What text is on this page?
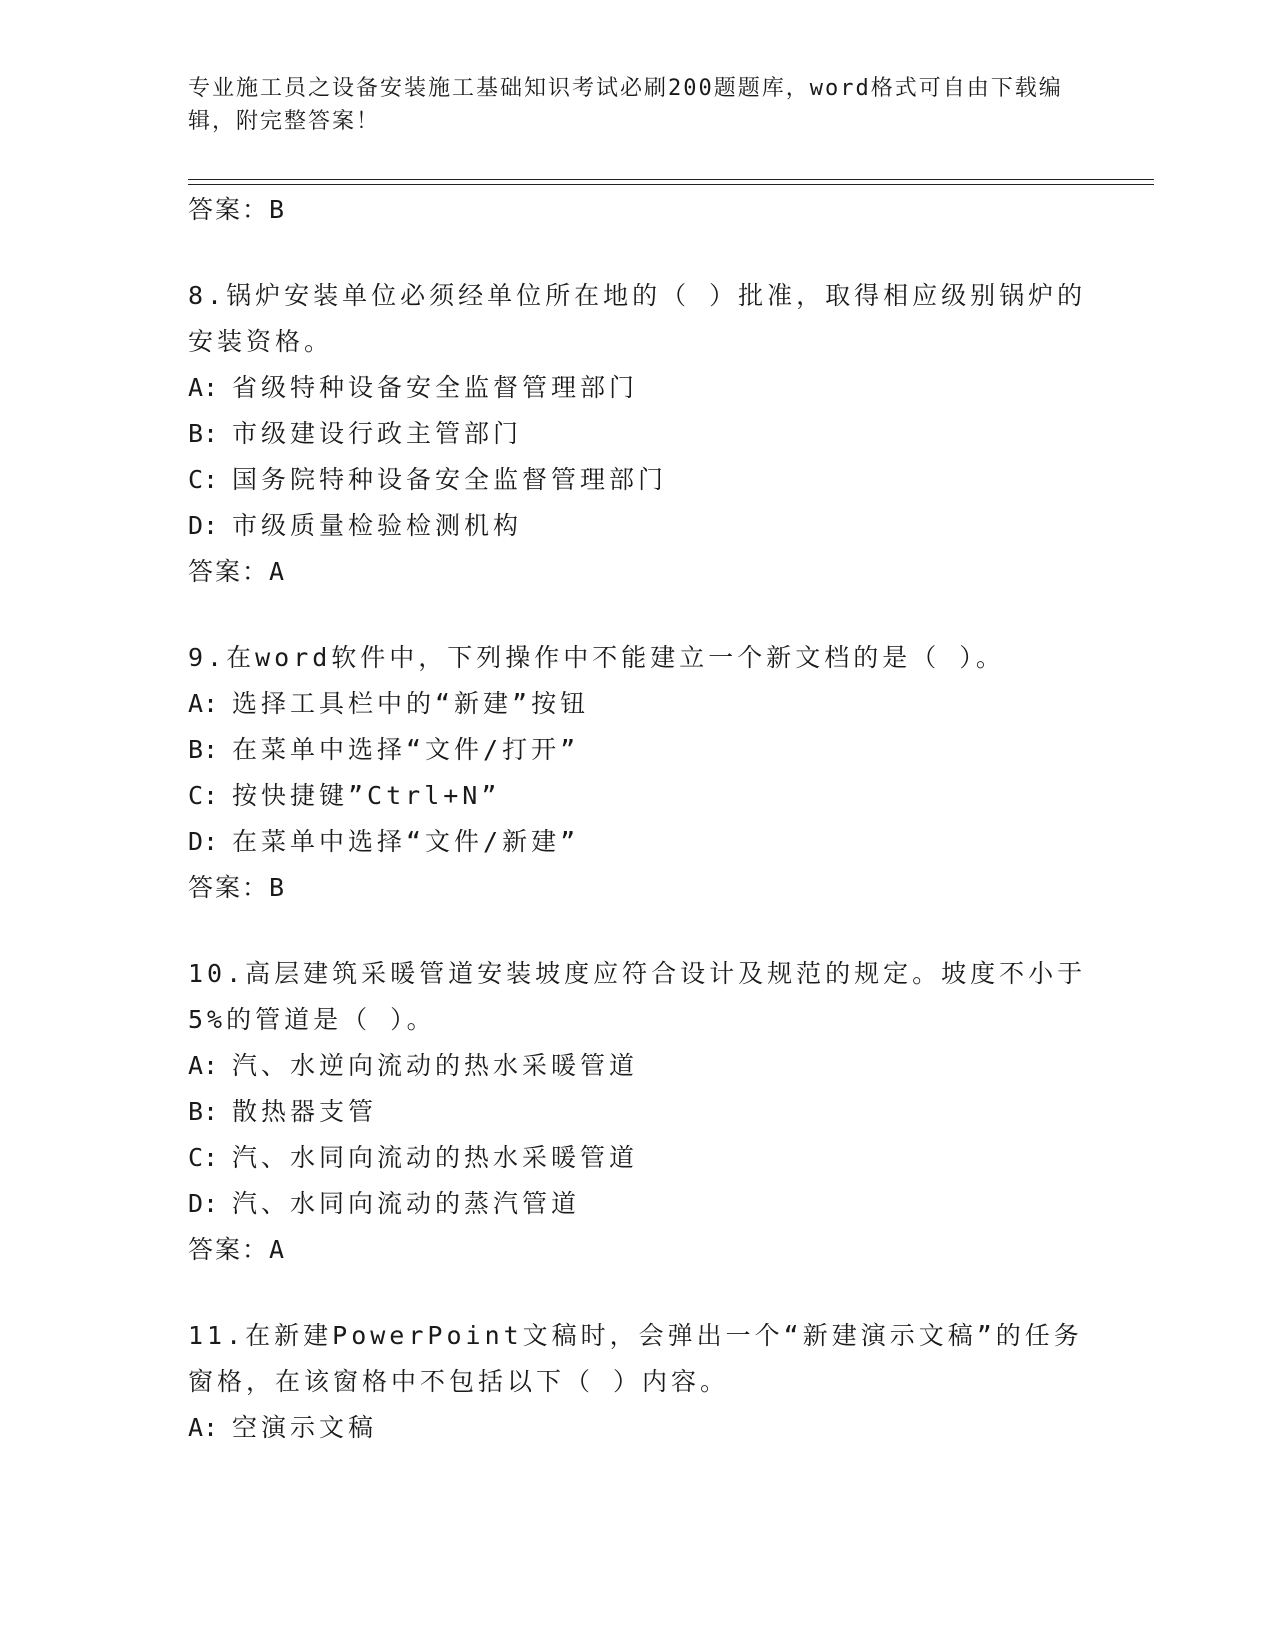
专业施工员之设备安装施工基础知识考试必刷200题题库，word格式可自由下载编辑，附完整答案！
答案：B
8.锅炉安装单位必须经单位所在地的（ ）批准，取得相应级别锅炉的安装资格。
A: 省级特种设备安全监督管理部门
B: 市级建设行政主管部门
C: 国务院特种设备安全监督管理部门
D: 市级质量检验检测机构
答案：A
9.在word软件中，下列操作中不能建立一个新文档的是（ ）。
A: 选择工具栏中的“新建”按钮
B: 在菜单中选择“文件/打开”
C: 按快捷键”Ctrl+N”
D: 在菜单中选择“文件/新建”
答案：B
10.高层建筑采暖管道安装坡度应符合设计及规范的规定。坡度不小于5%的管道是（ ）。
A: 汽、水逆向流动的热水采暖管道
B: 散热器支管
C: 汽、水同向流动的热水采暖管道
D: 汽、水同向流动的蒸汽管道
答案：A
11.在新建PowerPoint文稿时，会弹出一个“新建演示文稿”的任务窗格，在该窗格中不包括以下（ ）内容。
A: 空演示文稿
